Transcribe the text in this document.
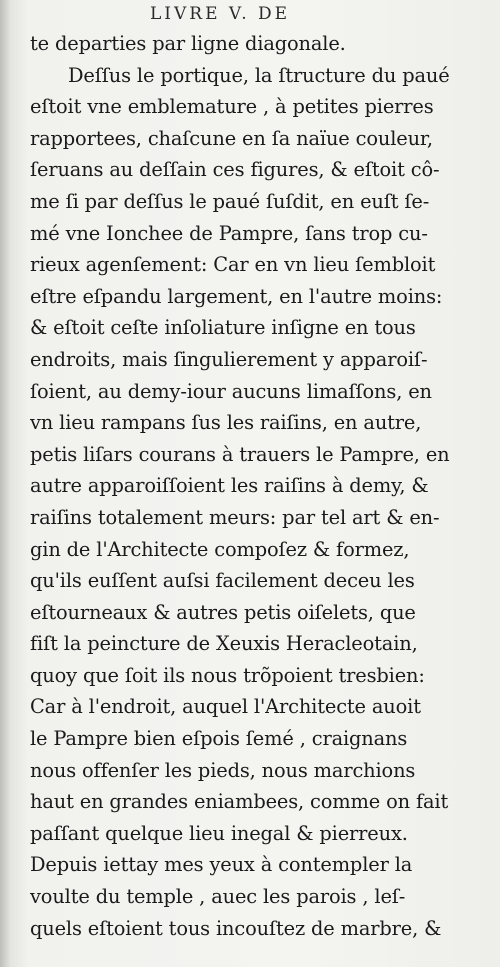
LIVRE V. DE
te departies par ligne diagonale.
Deſſus le portique, la ſtructure du paué
eſtoit vne emblemature , à petites pierres
rapportees, chaſcune en ſa naïue couleur,
ſeruans au deſſain ces figures, & eſtoit cô-
me ſi par deſſus le paué ſuſdit, en euſt ſe-
mé vne Ionchee de Pampre, ſans trop cu-
rieux agenſement: Car en vn lieu ſembloit
eſtre eſpandu largement, en l'autre moins:
& eſtoit ceſte inſoliature inſigne en tous
endroits, mais ſingulierement y apparoiſ-
ſoient, au demy-iour aucuns limaſſons, en
vn lieu rampans ſus les raiſins, en autre,
petis liſars courans à trauers le Pampre, en
autre apparoiſſoient les raiſins à demy, &
raiſins totalement meurs: par tel art & en-
gin de l'Architecte compoſez & formez,
qu'ils euſſent auſsi facilement deceu les
eſtourneaux & autres petis oiſelets, que
fiſt la peincture de Xeuxis Heracleotain,
quoy que ſoit ils nous trõpoient tresbien:
Car à l'endroit, auquel l'Architecte auoit
le Pampre bien eſpois ſemé , craignans
nous offenſer les pieds, nous marchions
haut en grandes eniambees, comme on fait
paſſant quelque lieu inegal & pierreux.
Depuis iettay mes yeux à contempler la
voulte du temple , auec les parois , leſ-
quels eſtoient tous incouſtez de marbre, &
